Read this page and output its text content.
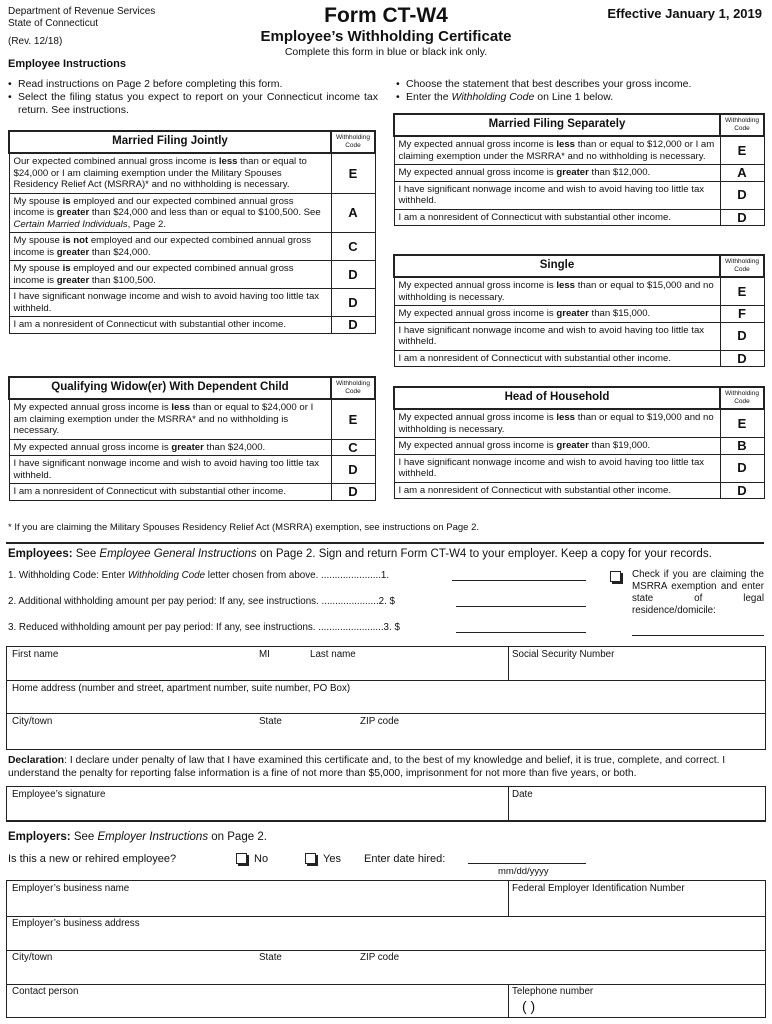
Department of Revenue Services
State of Connecticut
(Rev. 12/18)
Form CT-W4
Employee’s Withholding Certificate
Complete this form in blue or black ink only.
Effective January 1, 2019
Employee Instructions
• Read instructions on Page 2 before completing this form.
• Select the filing status you expect to report on your Connecticut income tax return. See instructions.
• Choose the statement that best describes your gross income.
• Enter the Withholding Code on Line 1 below.
Married Filing Jointly	Withholding Code
Our expected combined annual gross income is less than or equal to $24,000 or I am claiming exemption under the Military Spouses Residency Relief Act (MSRRA)* and no withholding is necessary.	E
My spouse is employed and our expected combined annual gross income is greater than $24,000 and less than or equal to $100,500. See Certain Married Individuals, Page 2.	A
My spouse is not employed and our expected combined annual gross income is greater than $24,000.	C
My spouse is employed and our expected combined annual gross income is greater than $100,500.	D
I have significant nonwage income and wish to avoid having too little tax withheld.	D
I am a nonresident of Connecticut with substantial other income.	D
Qualifying Widow(er) With Dependent Child	Withholding Code
My expected annual gross income is less than or equal to $24,000 or I am claiming exemption under the MSRRA* and no withholding is necessary.	E
My expected annual gross income is greater than $24,000.	C
I have significant nonwage income and wish to avoid having too little tax withheld.	D
I am a nonresident of Connecticut with substantial other income.	D
Married Filing Separately	Withholding Code
My expected annual gross income is less than or equal to $12,000 or I am claiming exemption under the MSRRA* and no withholding is necessary.	E
My expected annual gross income is greater than $12,000.	A
I have significant nonwage income and wish to avoid having too little tax withheld.	D
I am a nonresident of Connecticut with substantial other income.	D
Single	Withholding Code
My expected annual gross income is less than or equal to $15,000 and no withholding is necessary.	E
My expected annual gross income is greater than $15,000.	F
I have significant nonwage income and wish to avoid having too little tax withheld.	D
I am a nonresident of Connecticut with substantial other income.	D
Head of Household	Withholding Code
My expected annual gross income is less than or equal to $19,000 and no withholding is necessary.	E
My expected annual gross income is greater than $19,000.	B
I have significant nonwage income and wish to avoid having too little tax withheld.	D
I am a nonresident of Connecticut with substantial other income.	D
* If you are claiming the Military Spouses Residency Relief Act (MSRRA) exemption, see instructions on Page 2.
Employees: See Employee General Instructions on Page 2. Sign and return Form CT-W4 to your employer. Keep a copy for your records.
1. Withholding Code: Enter Withholding Code letter chosen from above. ......................1.
2. Additional withholding amount per pay period: If any, see instructions. .....................2. $
3. Reduced withholding amount per pay period: If any, see instructions. ........................3. $
Check if you are claiming the MSRRA exemption and enter state of legal residence/domicile:
First name	MI	Last name	Social Security Number
Home address (number and street, apartment number, suite number, PO Box)
City/town	State	ZIP code
Declaration: I declare under penalty of law that I have examined this certificate and, to the best of my knowledge and belief, it is true, complete, and correct. I understand the penalty for reporting false information is a fine of not more than $5,000, imprisonment for not more than five years, or both.
Employee’s signature	Date
Employers: See Employer Instructions on Page 2.
Is this a new or rehired employee?	No	Yes Enter date hired:
mm/dd/yyyy
Employer’s business name	Federal Employer Identification Number
Employer’s business address
City/town	State	ZIP code
Contact person	Telephone number
( )
